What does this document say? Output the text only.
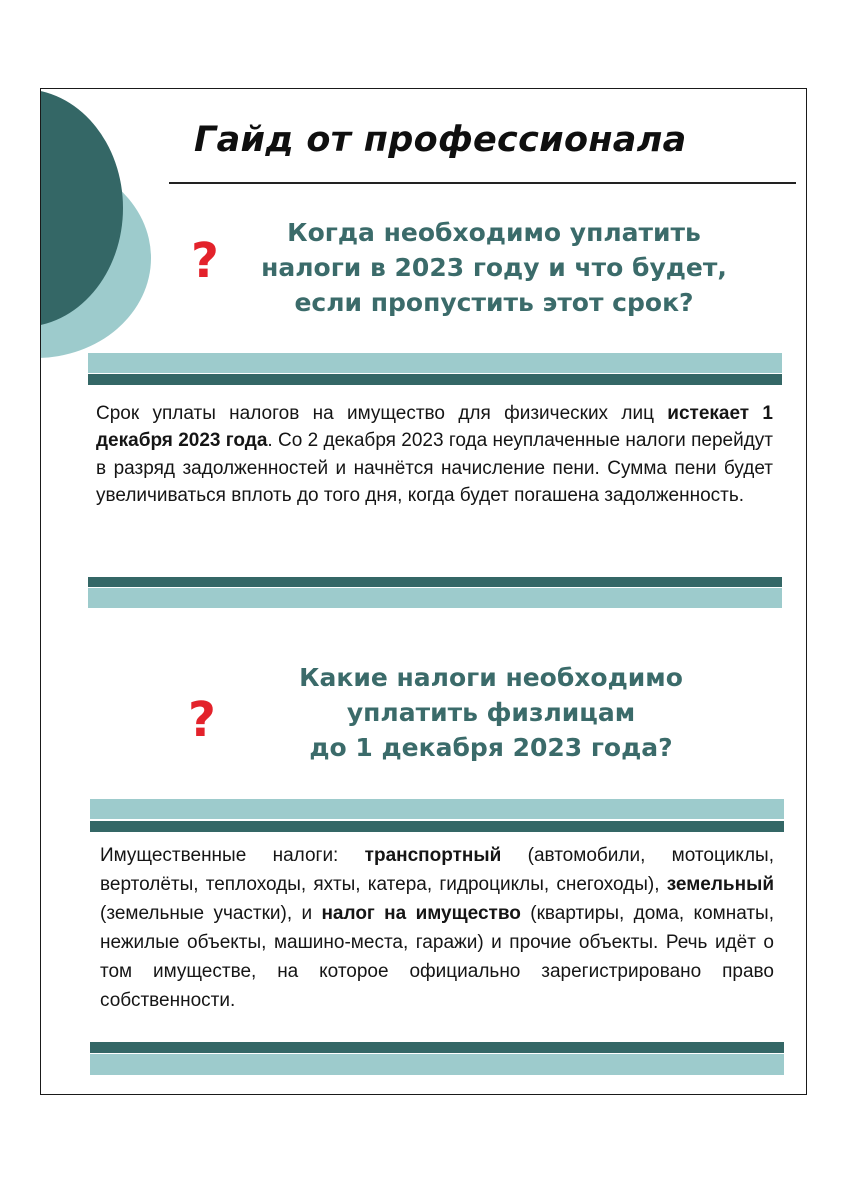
Гайд от профессионала
?
Когда необходимо уплатить
налоги в 2023 году и что будет,
если пропустить этот срок?

Срок уплаты налогов на имущество для физических лиц истекает 1 декабря 2023 года. Со 2 декабря 2023 года неуплаченные налоги перейдут в разряд задолженностей и начнётся начисление пени. Сумма пени будет увеличиваться вплоть до того дня, когда будет погашена задолженность.

?
Какие налоги необходимо
уплатить физлицам
до 1 декабря 2023 года?

Имущественные налоги: транспортный (автомобили, мотоциклы, вертолёты, теплоходы, яхты, катера, гидроциклы, снегоходы), земельный (земельные участки), и налог на имущество (квартиры, дома, комнаты, нежилые объекты, машино-места, гаражи) и прочие объекты. Речь идёт о том имуществе, на которое официально зарегистрировано право собственности.
